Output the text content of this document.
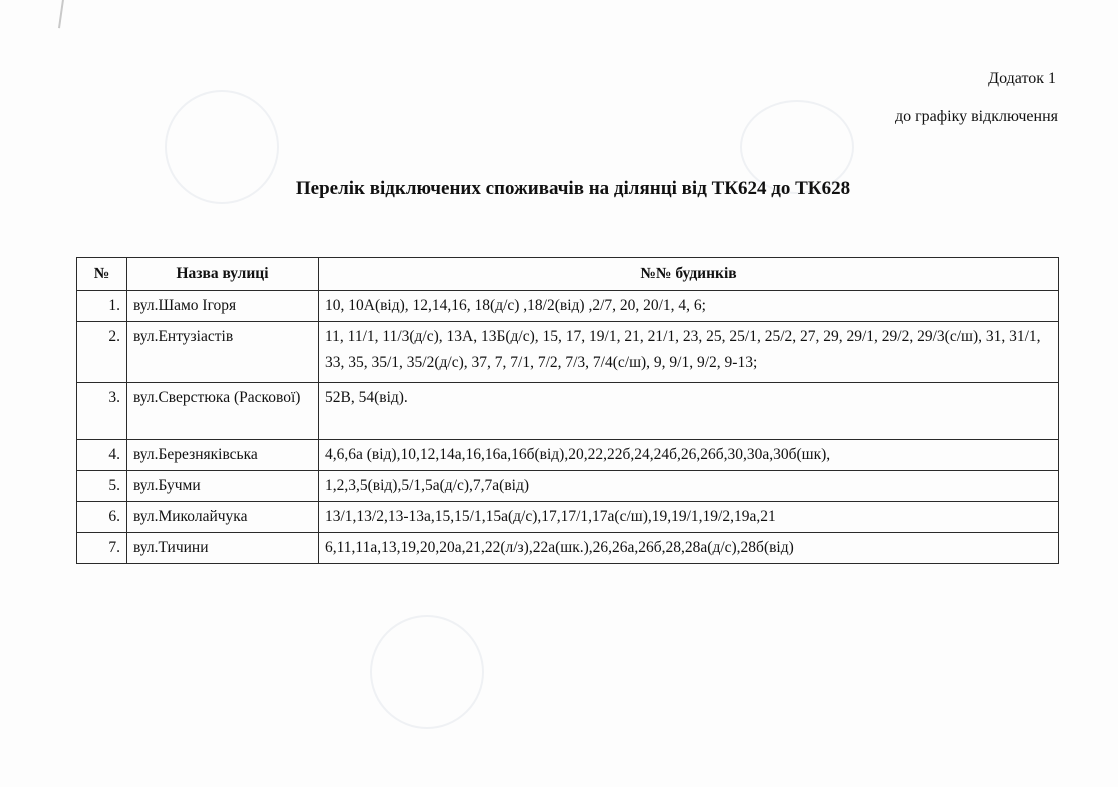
Додаток 1
до графіку відключення
Перелік відключених споживачів на ділянці від ТК624 до ТК628
№	Назва вулиці	№№ будинків
1.	вул.Шамо Ігоря	10, 10А(від), 12,14,16, 18(д/с) ,18/2(від) ,2/7, 20, 20/1, 4, 6;
2.	вул.Ентузіастів	11, 11/1, 11/3(д/с), 13А, 13Б(д/с), 15, 17, 19/1, 21, 21/1, 23, 25, 25/1, 25/2, 27, 29, 29/1, 29/2, 29/3(с/ш), 31, 31/1, 33, 35, 35/1, 35/2(д/с), 37, 7, 7/1, 7/2, 7/3, 7/4(с/ш), 9, 9/1, 9/2, 9-13;
3.	вул.Сверстюка (Раскової)	52В, 54(від).
4.	вул.Березняківська	4,6,6а (від),10,12,14а,16,16а,16б(від),20,22,22б,24,24б,26,26б,30,30а,30б(шк),
5.	вул.Бучми	1,2,3,5(від),5/1,5а(д/с),7,7а(від)
6.	вул.Миколайчука	13/1,13/2,13-13а,15,15/1,15а(д/с),17,17/1,17а(с/ш),19,19/1,19/2,19а,21
7.	вул.Тичини	6,11,11а,13,19,20,20а,21,22(л/з),22а(шк.),26,26а,26б,28,28а(д/с),28б(від)
